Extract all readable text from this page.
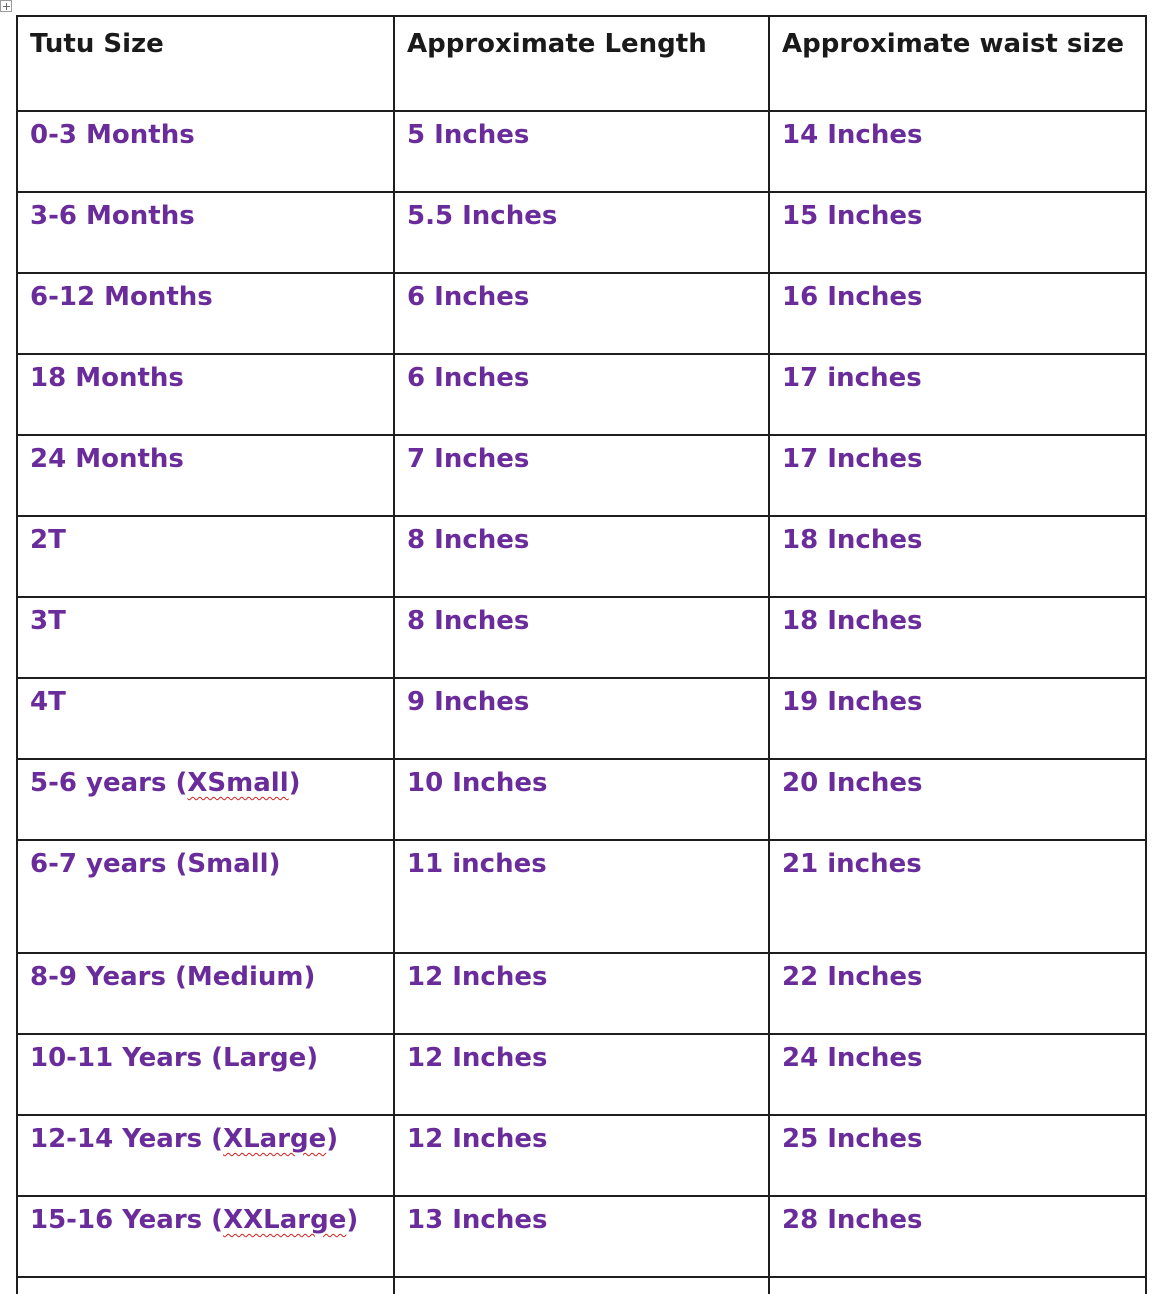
Tutu Size	Approximate Length	Approximate waist size
0-3 Months	5 Inches	14 Inches
3-6 Months	5.5 Inches	15 Inches
6-12 Months	6 Inches	16 Inches
18 Months	6 Inches	17 inches
24 Months	7 Inches	17 Inches
2T	8 Inches	18 Inches
3T	8 Inches	18 Inches
4T	9 Inches	19 Inches
5-6 years (XSmall)	10 Inches	20 Inches
6-7 years (Small)	11 inches	21 inches
8-9 Years (Medium)	12 Inches	22 Inches
10-11 Years (Large)	12 Inches	24 Inches
12-14 Years (XLarge)	12 Inches	25 Inches
15-16 Years (XXLarge)	13 Inches	28 Inches
